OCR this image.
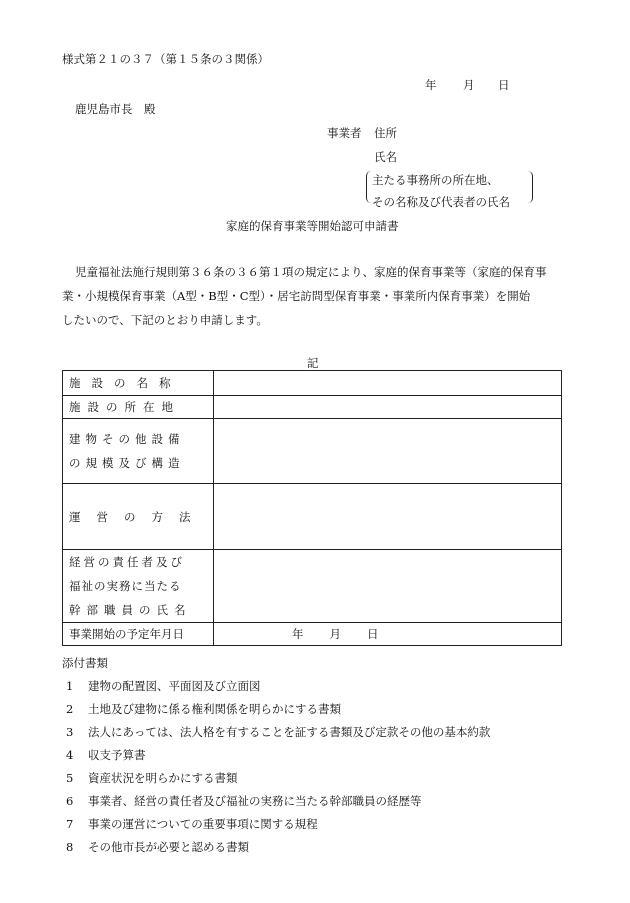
様式第２１の３７（第１５条の３関係）
年 月 日
鹿児島市長　殿
事業者 住所
氏名
主たる事務所の所在地、
その名称及び代表者の氏名
家庭的保育事業等開始認可申請書
児童福祉法施行規則第３６条の３６第１項の規定により、家庭的保育事業等（家庭的保育事
業・小規模保育事業（A型・B型・C型）・居宅訪問型保育事業・事業所内保育事業）を開始
したいので、下記のとおり申請します。
記
施設の名称	

施設の所在地	

建物その他設備
の規模及び構造	

運営の方法	

経営の責任者及び
福祉の実務に当たる
幹部職員の氏名	

事業開始の予定年月日	年 月 日
添付書類
1 建物の配置図、平面図及び立面図
2 土地及び建物に係る権利関係を明らかにする書類
3 法人にあっては、法人格を有することを証する書類及び定款その他の基本約款
4 収支予算書
5 資産状況を明らかにする書類
6 事業者、経営の責任者及び福祉の実務に当たる幹部職員の経歴等
7 事業の運営についての重要事項に関する規程
8 その他市長が必要と認める書類
